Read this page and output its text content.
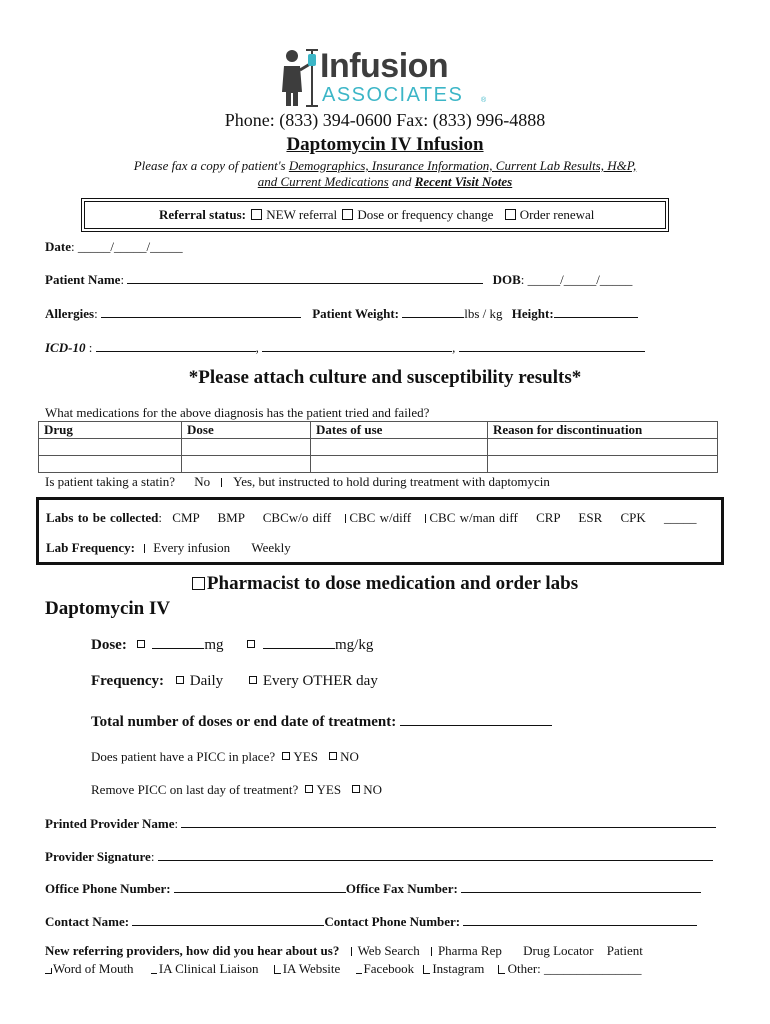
Infusion
ASSOCIATES	®
Phone: (833) 394-0600 Fax: (833) 996-4888
Daptomycin IV Infusion
Please fax a copy of patient's Demographics, Insurance Information, Current Lab Results, H&P,
and Current Medications and Recent Visit Notes
Referral status: NEW referral Dose or frequency change Order renewal
Date: _____/_____/_____
Patient Name:	DOB: _____/_____/_____
Allergies:	Patient Weight:	lbs / kg Height:
ICD-10 :	,	,
*Please attach culture and susceptibility results*
What medications for the above diagnosis has the patient tried and failed?
Drug	Dose	Dates of use	Reason for discontinuation

Is patient taking a statin? No Yes, but instructed to hold during treatment with daptomycin
Labs to be collected: CMP BMP CBCw/o diff CBC w/diff CBC w/man diff CRP ESR CPK _____
Lab Frequency: Every infusion Weekly
Pharmacist to dose medication and order labs
Daptomycin IV
Dose:	mg	mg/kg
Frequency: Daily	Every OTHER day
Total number of doses or end date of treatment:
Does patient have a PICC in place? YES NO
Remove PICC on last day of treatment? YES NO
Printed Provider Name:
Provider Signature:
Office Phone Number:	Office Fax Number:
Contact Name:	Contact Phone Number:
New referring providers, how did you hear about us? Web Search Pharma Rep Drug Locator Patient
Word of Mouth IA Clinical Liaison IA Website Facebook Instagram Other: _______________
